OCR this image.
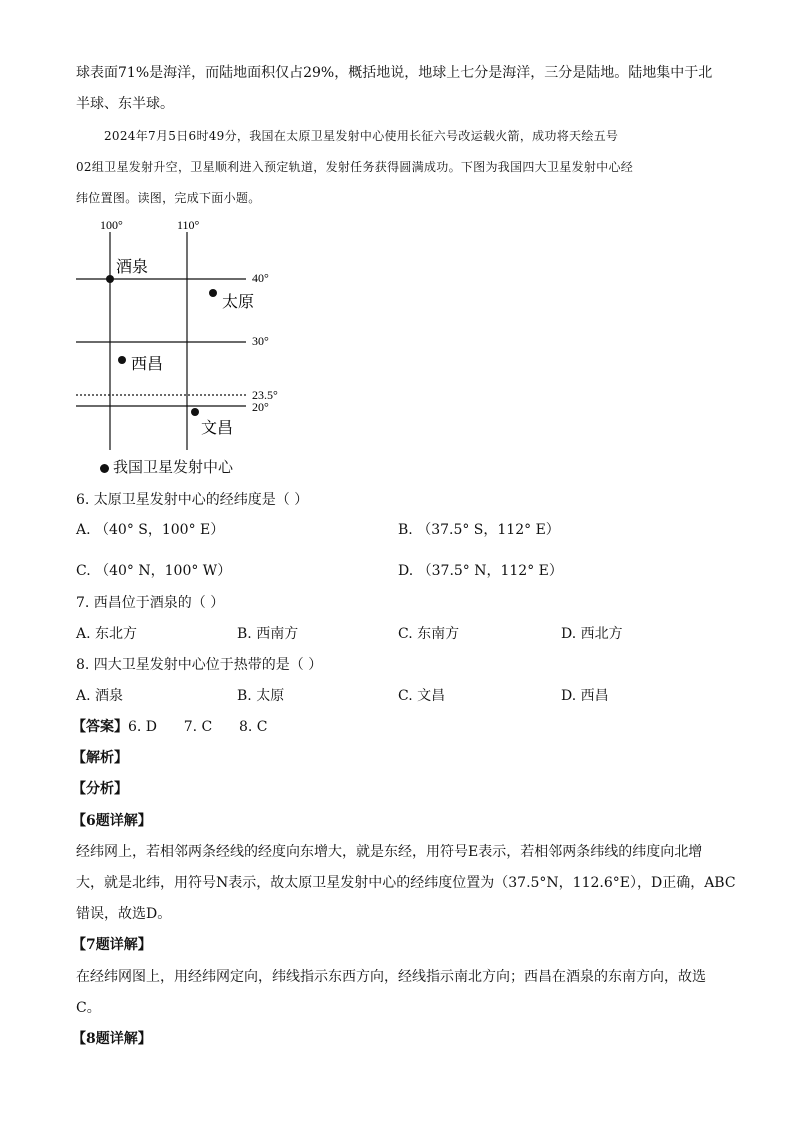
球表面71%是海洋，而陆地面积仅占29%，概括地说，地球上七分是海洋，三分是陆地。陆地集中于北
半球、东半球。
2024年7月5日6时49分，我国在太原卫星发射中心使用长征六号改运载火箭，成功将天绘五号
02组卫星发射升空，卫星顺利进入预定轨道，发射任务获得圆满成功。下图为我国四大卫星发射中心经
纬位置图。读图，完成下面小题。
100°	110°
40°
30°
23.5°
20°
酒泉
太原
西昌
文昌
我国卫星发射中心
6. 太原卫星发射中心的经纬度是（ ）
A. （40° S，100° E）	B. （37.5° S，112° E）
C. （40° N，100° W）	D. （37.5° N，112° E）
7. 西昌位于酒泉的（ ）
A. 东北方	B. 西南方	C. 东南方	D. 西北方
8. 四大卫星发射中心位于热带的是（ ）
A. 酒泉	B. 太原	C. 文昌	D. 西昌
【答案】6. D      7. C      8. C
【解析】
【分析】
【6题详解】
经纬网上，若相邻两条经线的经度向东增大，就是东经，用符号E表示，若相邻两条纬线的纬度向北增
大，就是北纬，用符号N表示，故太原卫星发射中心的经纬度位置为（37.5°N，112.6°E），D正确，ABC
错误，故选D。
【7题详解】
在经纬网图上，用经纬网定向，纬线指示东西方向，经线指示南北方向；西昌在酒泉的东南方向，故选
C。
【8题详解】
